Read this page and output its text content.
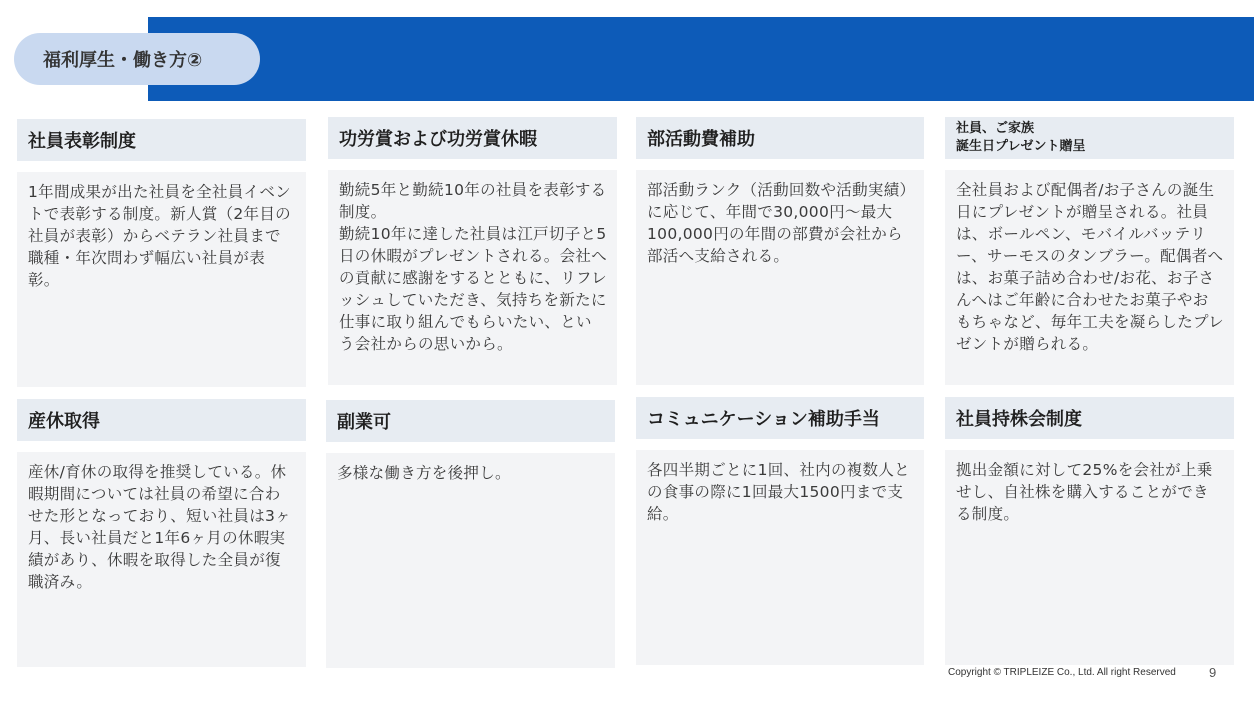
福利厚生・働き方②
社員表彰制度
1年間成果が出た社員を全社員イベントで表彰する制度。新人賞（2年目の社員が表彰）からベテラン社員まで職種・年次問わず幅広い社員が表彰。
功労賞および功労賞休暇
勤続5年と勤続10年の社員を表彰する制度。
勤続10年に達した社員は江戸切子と5日の休暇がプレゼントされる。会社への貢献に感謝をするとともに、リフレッシュしていただき、気持ちを新たに仕事に取り組んでもらいたい、という会社からの思いから。
部活動費補助
部活動ランク（活動回数や活動実績）に応じて、年間で30,000円〜最大100,000円の年間の部費が会社から部活へ支給される。
社員、ご家族
誕生日プレゼント贈呈
全社員および配偶者/お子さんの誕生日にプレゼントが贈呈される。社員は、ボールペン、モバイルバッテリー、サーモスのタンブラー。配偶者へは、お菓子詰め合わせ/お花、お子さんへはご年齢に合わせたお菓子やおもちゃなど、毎年工夫を凝らしたプレゼントが贈られる。
産休取得
産休/育休の取得を推奨している。休暇期間については社員の希望に合わせた形となっており、短い社員は3ヶ月、長い社員だと1年6ヶ月の休暇実績があり、休暇を取得した全員が復職済み。
副業可
多様な働き方を後押し。
コミュニケーション補助手当
各四半期ごとに1回、社内の複数人との食事の際に1回最大1500円まで支給。
社員持株会制度
拠出金額に対して25%を会社が上乗せし、自社株を購入することができる制度。
Copyright © TRIPLEIZE Co., Ltd. All right Reserved	9
